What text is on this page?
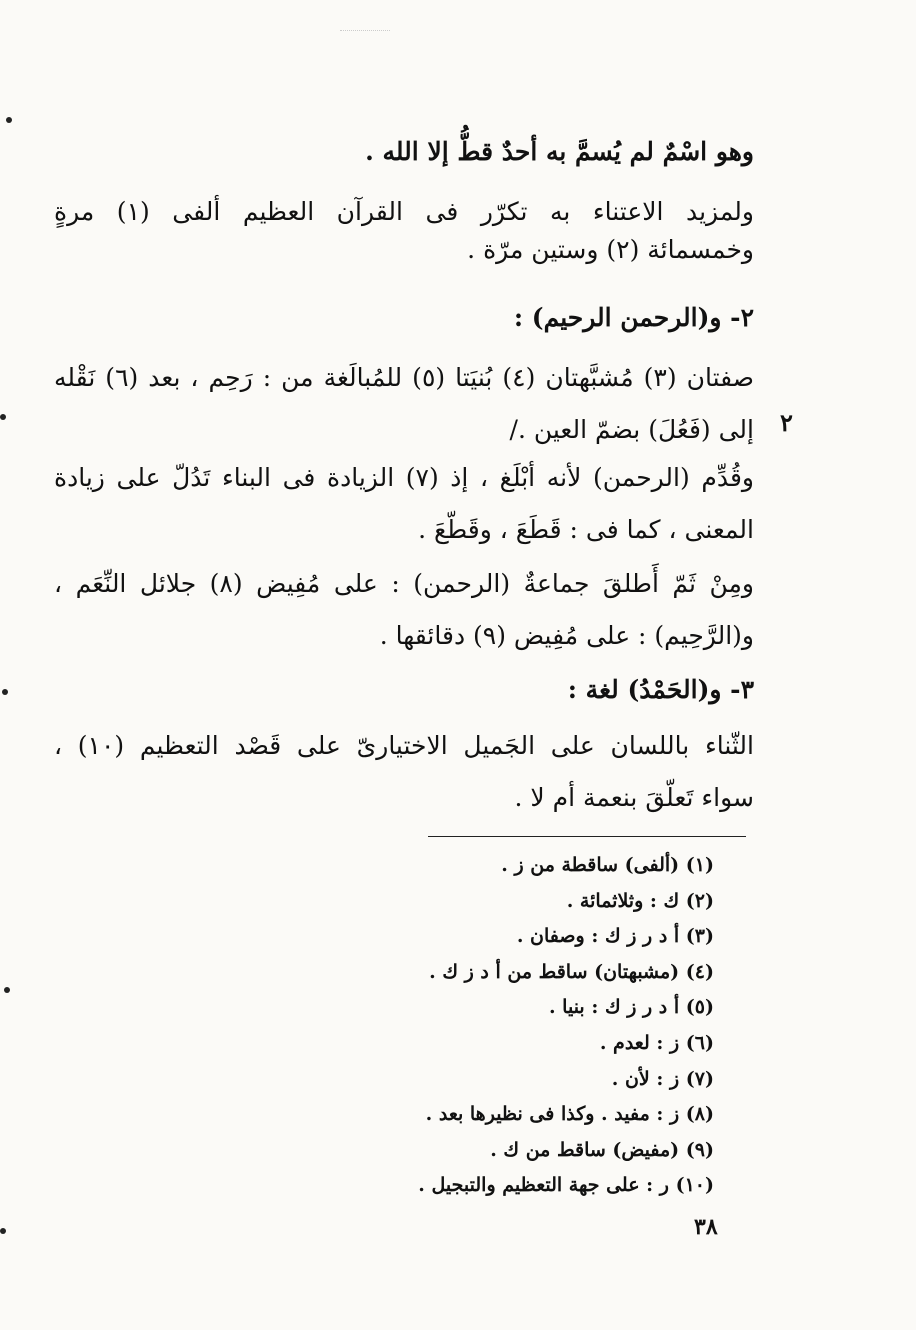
وهو اسْمٌ لم يُسمَّ به أحدٌ قطُّ إلا الله .
ولمزيد الاعتناء به تكرّر فى القرآن العظيم ألفى (١) مرةٍ
وخمسمائة (٢) وستين مرّة .
٢- و(الرحمن الرحيم) :
صفتان (٣) مُشبَّهتان (٤) بُنيَتا (٥) للمُبالَغة من : رَحِم ، بعد (٦) نَقْله
إلى (فَعُلَ) بضمّ العين ./ ٢
وقُدِّم (الرحمن) لأنه أبْلَغ ، إذ (٧) الزيادة فى البناء تَدُلّ على زيادة
المعنى ، كما فى : قَطَعَ ، وقَطّعَ .
ومِنْ ثَمّ أَطلقَ جماعةٌ (الرحمن) : على مُفِيض (٨) جلائل النِّعَم ،
و(الرَّحِيم) : على مُفِيض (٩) دقائقها .
٣- و(الحَمْدُ) لغة :
الثّناء باللسان على الجَميل الاختيارىّ على قَصْد التعظيم (١٠) ،
سواء تَعلّقَ بنعمة أم لا .
(١) (ألفى) ساقطة من ز .
(٢) ك : وثلاثمائة .
(٣) أ د ر ز ك : وصفان .
(٤) (مشبهتان) ساقط من أ د ز ك .
(٥) أ د ر ز ك : بنيا .
(٦) ز : لعدم .
(٧) ز : لأن .
(٨) ز : مفيد . وكذا فى نظيرها بعد .
(٩) (مفيض) ساقط من ك .
(١٠) ر : على جهة التعظيم والتبجيل .
٣٨
